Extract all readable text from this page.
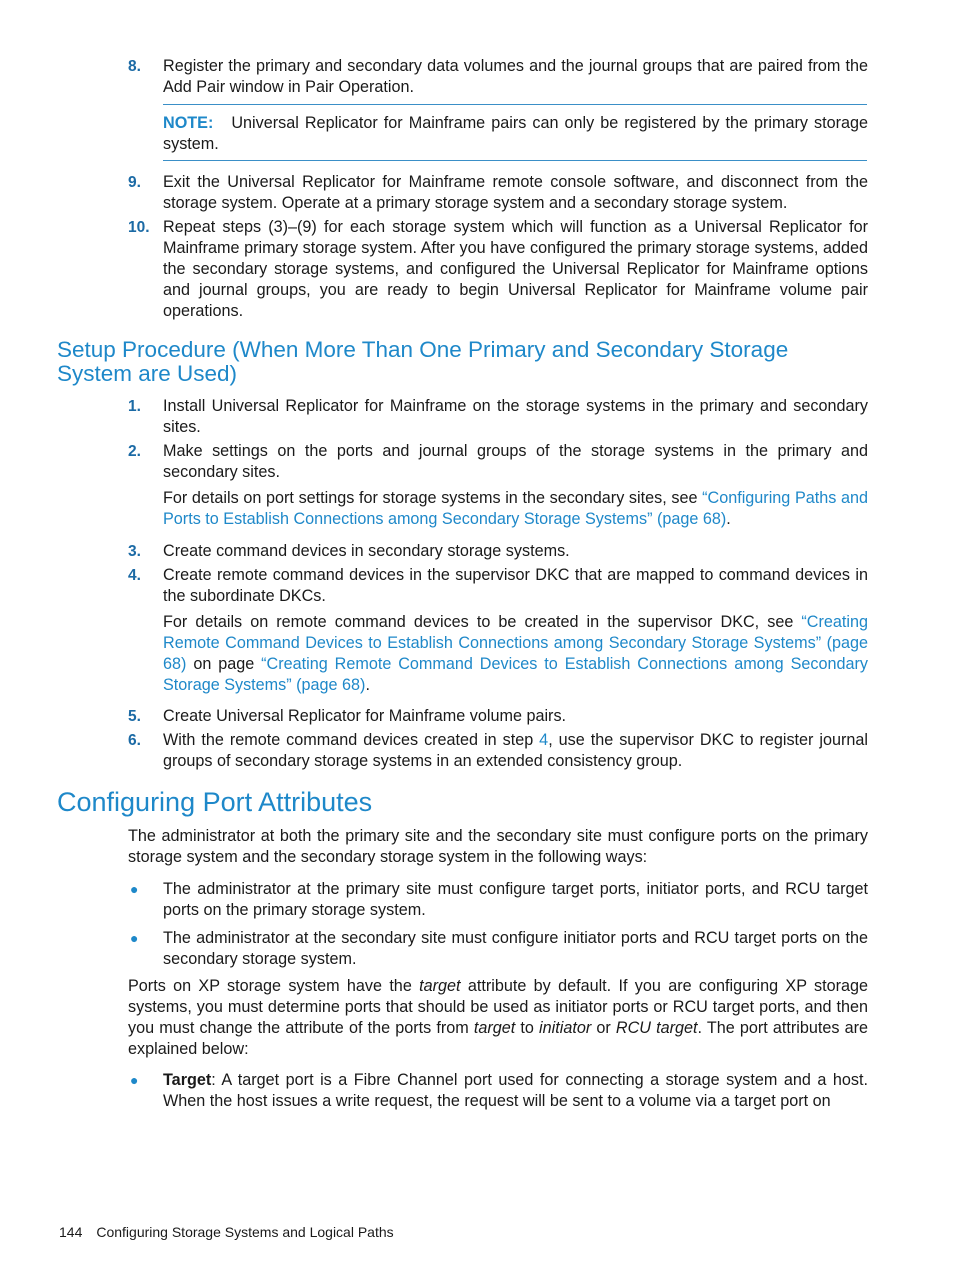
8. Register the primary and secondary data volumes and the journal groups that are paired from the Add Pair window in Pair Operation.
NOTE: Universal Replicator for Mainframe pairs can only be registered by the primary storage system.
9. Exit the Universal Replicator for Mainframe remote console software, and disconnect from the storage system. Operate at a primary storage system and a secondary storage system.
10. Repeat steps (3)–(9) for each storage system which will function as a Universal Replicator for Mainframe primary storage system. After you have configured the primary storage systems, added the secondary storage systems, and configured the Universal Replicator for Mainframe options and journal groups, you are ready to begin Universal Replicator for Mainframe volume pair operations.
Setup Procedure (When More Than One Primary and Secondary Storage System are Used)
1. Install Universal Replicator for Mainframe on the storage systems in the primary and secondary sites.
2. Make settings on the ports and journal groups of the storage systems in the primary and secondary sites.
For details on port settings for storage systems in the secondary sites, see “Configuring Paths and Ports to Establish Connections among Secondary Storage Systems” (page 68).
3. Create command devices in secondary storage systems.
4. Create remote command devices in the supervisor DKC that are mapped to command devices in the subordinate DKCs.
For details on remote command devices to be created in the supervisor DKC, see “Creating Remote Command Devices to Establish Connections among Secondary Storage Systems” (page 68) on page “Creating Remote Command Devices to Establish Connections among Secondary Storage Systems” (page 68).
5. Create Universal Replicator for Mainframe volume pairs.
6. With the remote command devices created in step 4, use the supervisor DKC to register journal groups of secondary storage systems in an extended consistency group.
Configuring Port Attributes
The administrator at both the primary site and the secondary site must configure ports on the primary storage system and the secondary storage system in the following ways:
● The administrator at the primary site must configure target ports, initiator ports, and RCU target ports on the primary storage system.
● The administrator at the secondary site must configure initiator ports and RCU target ports on the secondary storage system.
Ports on XP storage system have the target attribute by default. If you are configuring XP storage systems, you must determine ports that should be used as initiator ports or RCU target ports, and then you must change the attribute of the ports from target to initiator or RCU target. The port attributes are explained below:
● Target: A target port is a Fibre Channel port used for connecting a storage system and a host. When the host issues a write request, the request will be sent to a volume via a target port on
144 Configuring Storage Systems and Logical Paths
